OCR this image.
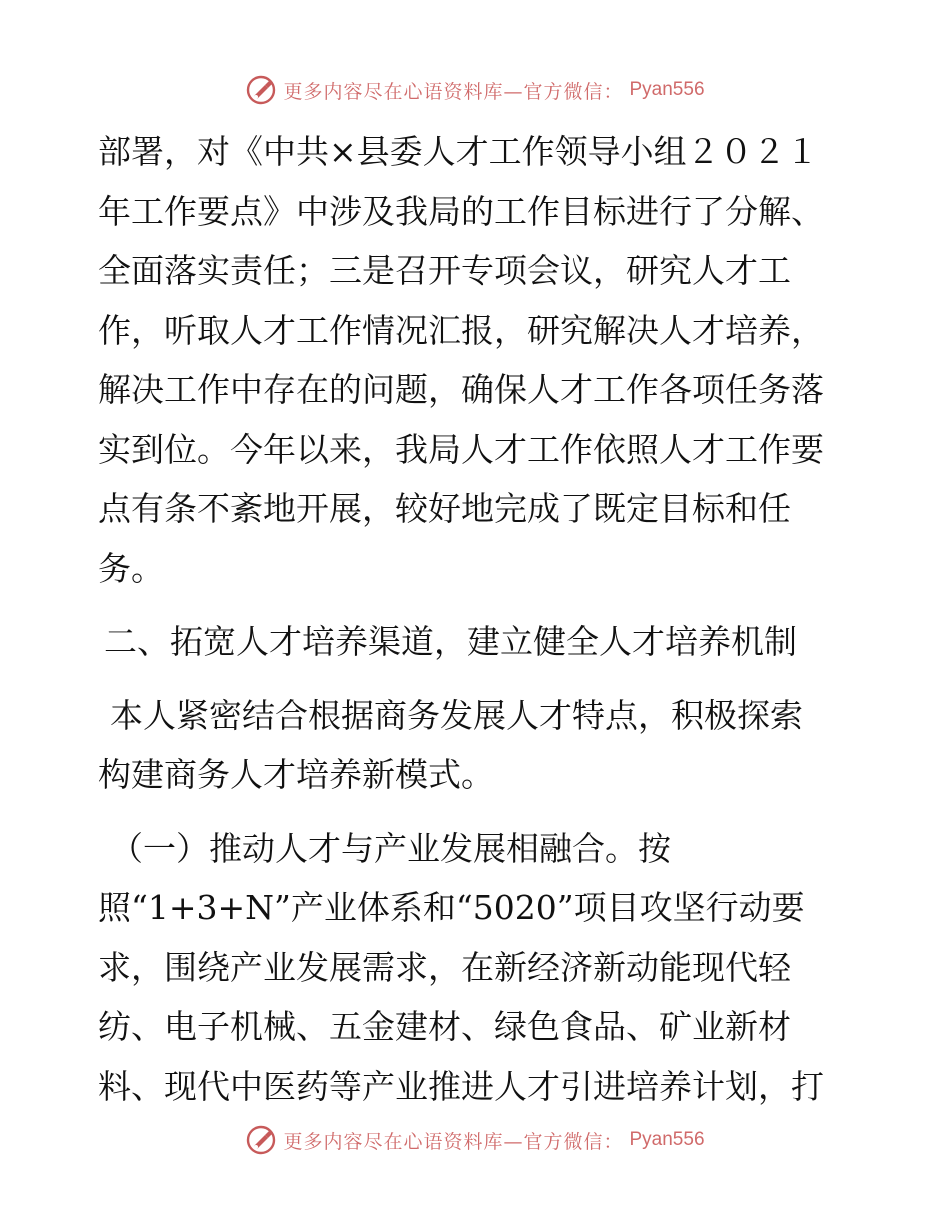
更多内容尽在心语资料库—官方微信： Pyan556
部署，对《中共×县委人才工作领导小组２０２１
年工作要点》中涉及我局的工作目标进行了分解、
全面落实责任；三是召开专项会议，研究人才工
作，听取人才工作情况汇报，研究解决人才培养，
解决工作中存在的问题，确保人才工作各项任务落
实到位。今年以来，我局人才工作依照人才工作要
点有条不紊地开展，较好地完成了既定目标和任
务。
二、拓宽人才培养渠道，建立健全人才培养机制
本人紧密结合根据商务发展人才特点，积极探索
构建商务人才培养新模式。
（一）推动人才与产业发展相融合。按
照“1+3+N”产业体系和“5020”项目攻坚行动要
求，围绕产业发展需求，在新经济新动能现代轻
纺、电子机械、五金建材、绿色食品、矿业新材
料、现代中医药等产业推进人才引进培养计划，打
更多内容尽在心语资料库—官方微信： Pyan556
